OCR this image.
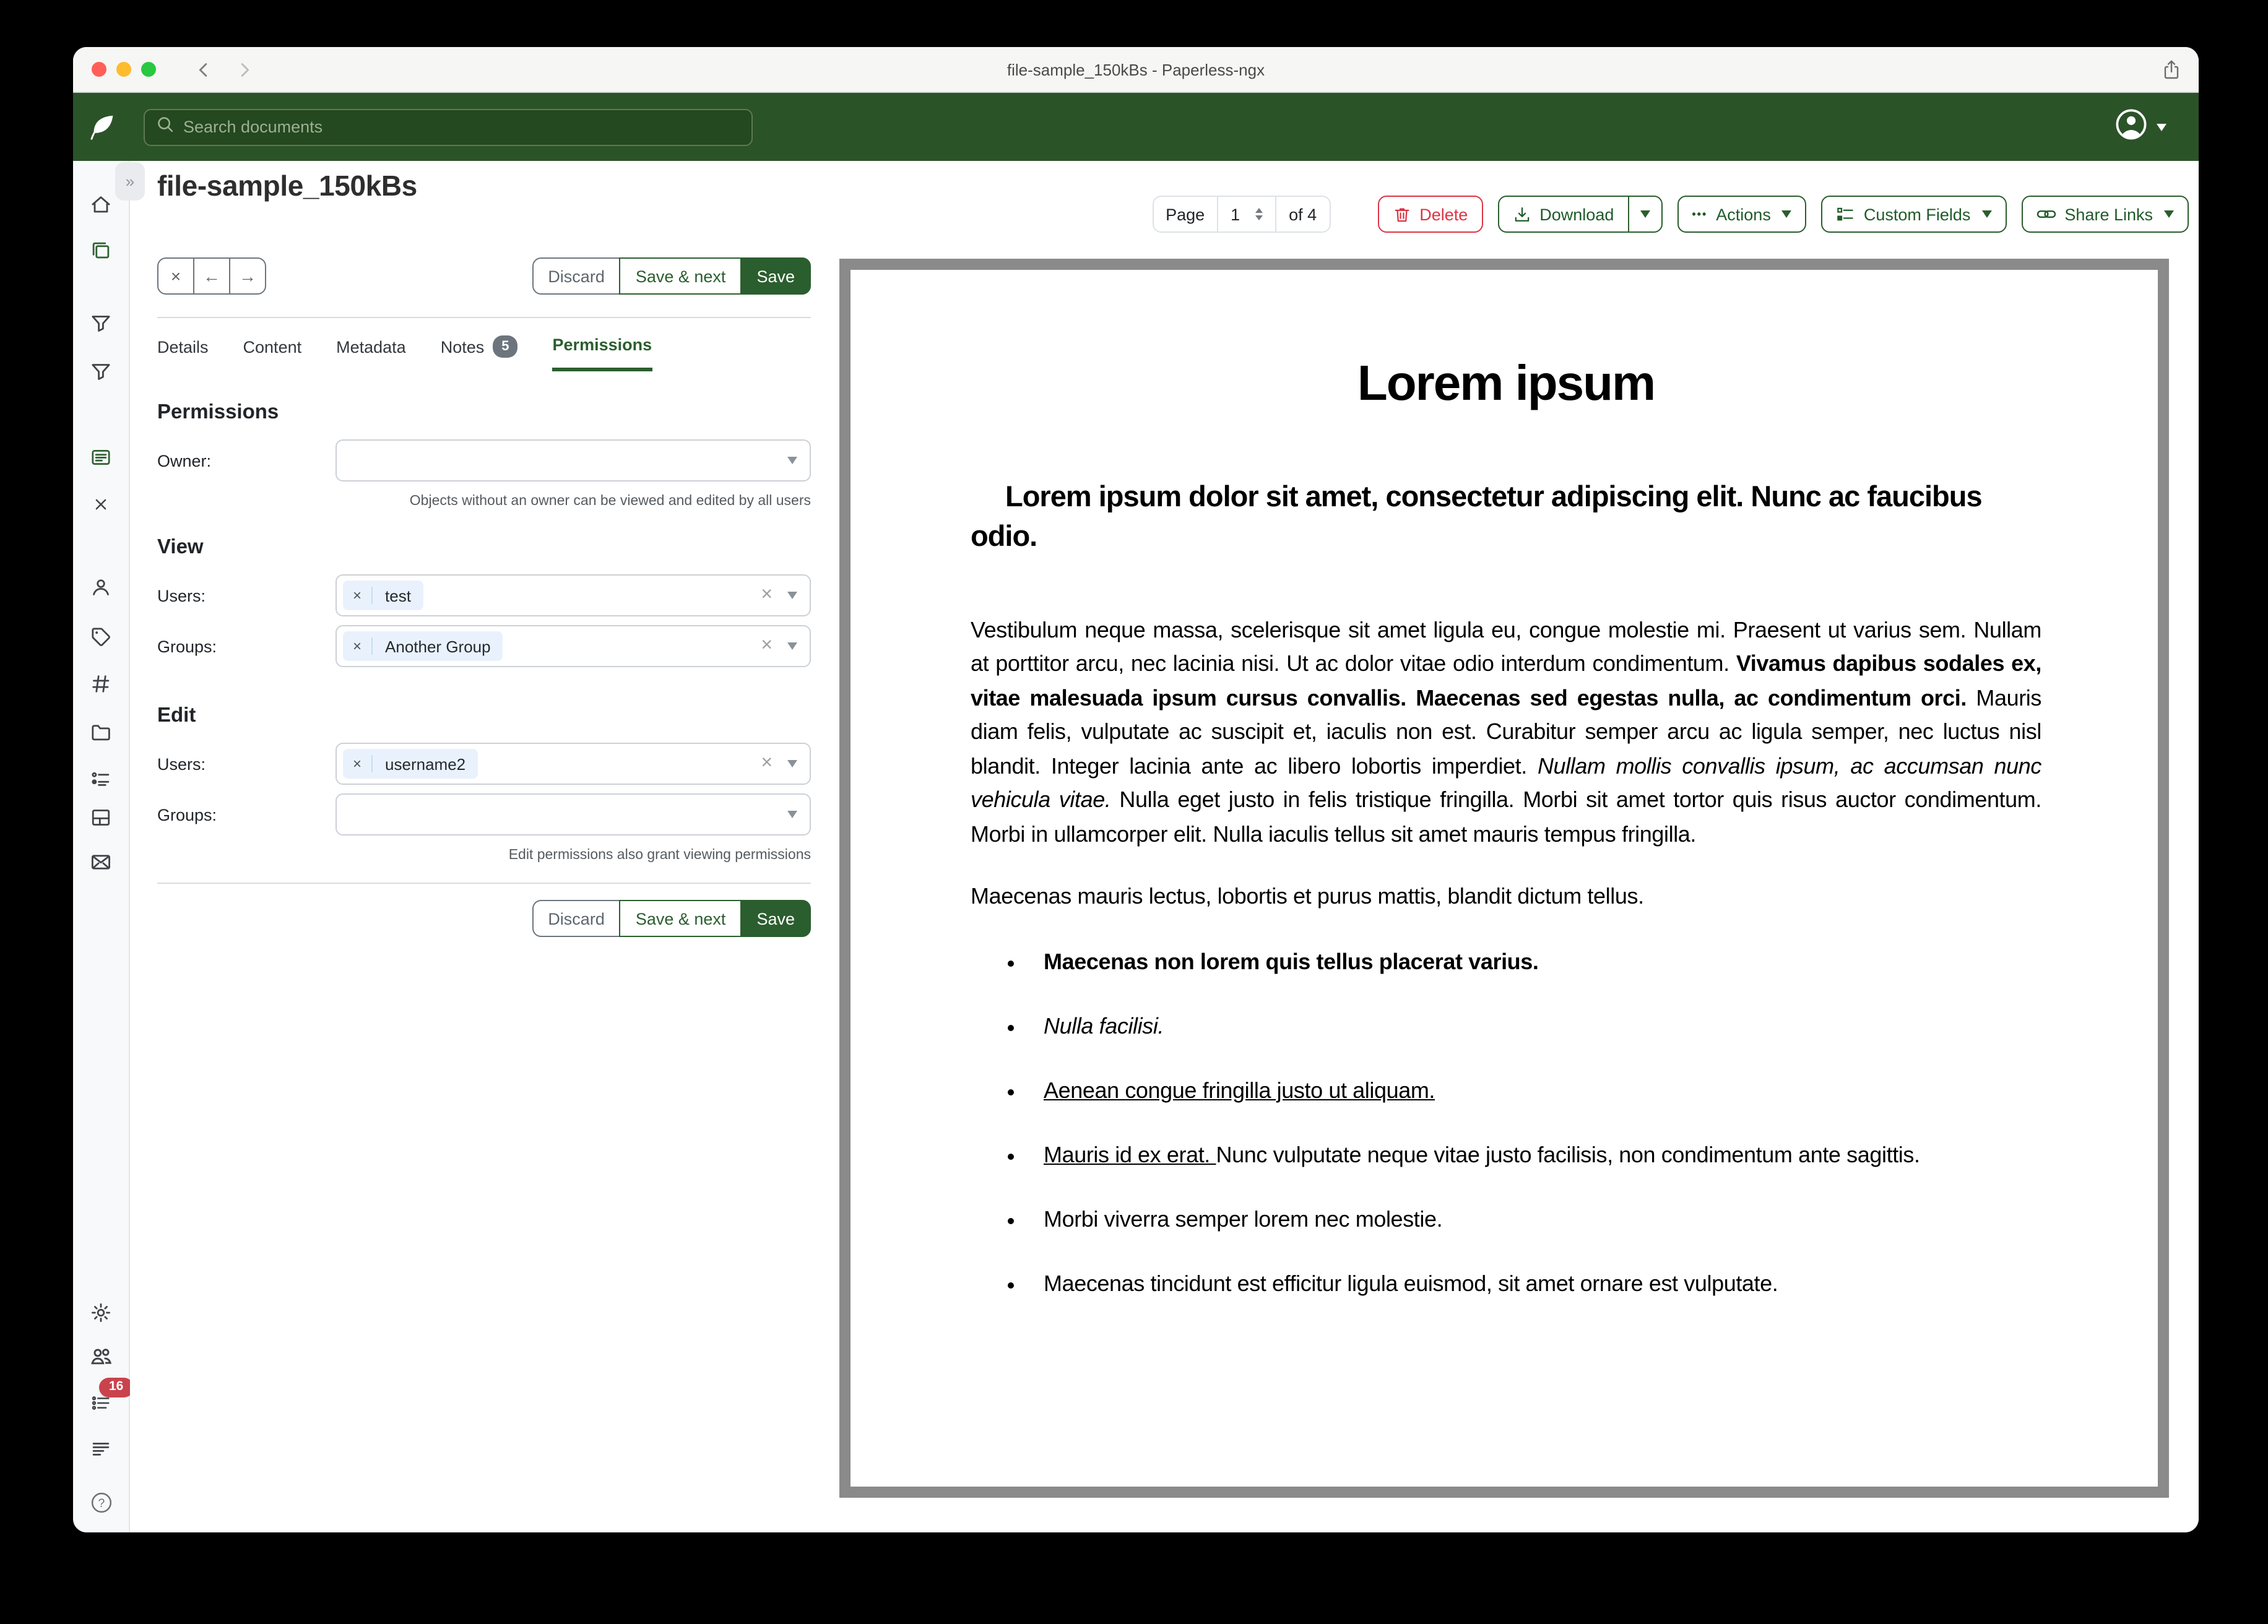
file-sample_150kBs - Paperless-ngx
Search documents
»
16
?
file-sample_150kBs
×	← →	Discard	Save & next	Save
Details	Content	Metadata	Notes	5	Permissions
Permissions
Owner:
Objects without an owner can be viewed and edited by all users
View
Users:	×	test	×
Groups:	×	Another Group	×
Edit
Users:	×	username2	×
Groups:
Edit permissions also grant viewing permissions
Discard	Save & next	Save
Page
1	of 4	Delete	Download	••• Actions	Custom Fields	Share Links
Lorem ipsum
Lorem ipsum dolor sit amet, consectetur adipiscing elit. Nunc ac faucibus odio.

Vestibulum neque massa, scelerisque sit amet ligula eu, congue molestie mi. Praesent ut varius sem. Nullam at porttitor arcu, nec lacinia nisi. Ut ac dolor vitae odio interdum condimentum. Vivamus dapibus sodales ex, vitae malesuada ipsum cursus convallis. Maecenas sed egestas nulla, ac condimentum orci. Mauris diam felis, vulputate ac suscipit et, iaculis non est. Curabitur semper arcu ac ligula semper, nec luctus nisl blandit. Integer lacinia ante ac libero lobortis imperdiet. Nullam mollis convallis ipsum, ac accumsan nunc vehicula vitae. Nulla eget justo in felis tristique fringilla. Morbi sit amet tortor quis risus auctor condimentum. Morbi in ullamcorper elit. Nulla iaculis tellus sit amet mauris tempus fringilla.

Maecenas mauris lectus, lobortis et purus mattis, blandit dictum tellus.

• Maecenas non lorem quis tellus placerat varius.
• Nulla facilisi.
• Aenean congue fringilla justo ut aliquam.
• Mauris id ex erat. Nunc vulputate neque vitae justo facilisis, non condimentum ante sagittis.
• Morbi viverra semper lorem nec molestie.
• Maecenas tincidunt est efficitur ligula euismod, sit amet ornare est vulputate.
